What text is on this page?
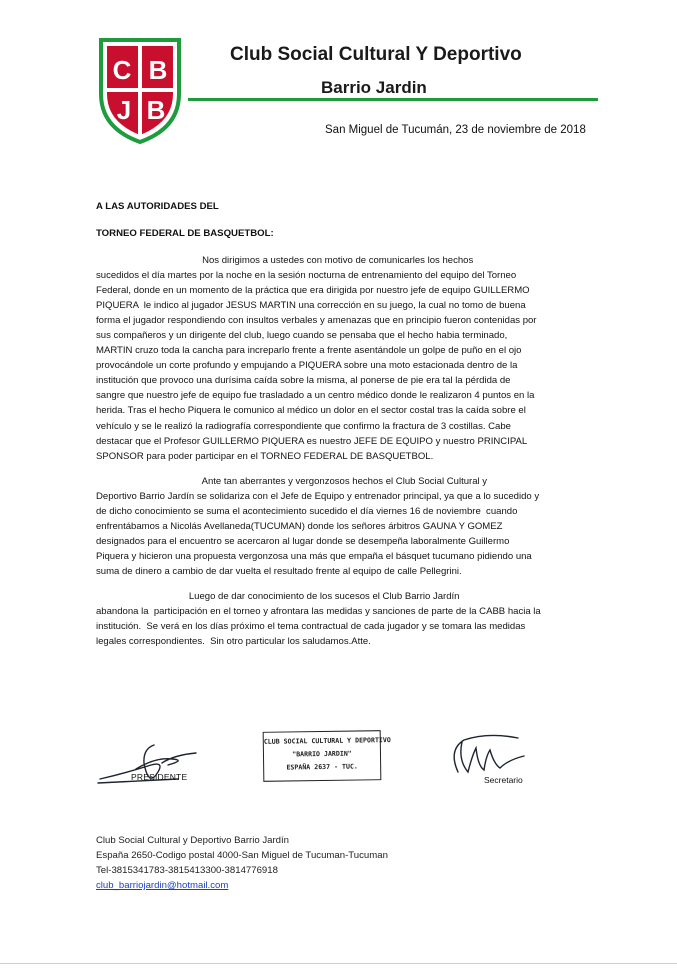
C B
J B
Club Social Cultural Y Deportivo
Barrio Jardin
San Miguel de Tucumán, 23 de noviembre de 2018
A LAS AUTORIDADES DEL
TORNEO FEDERAL DE BASQUETBOL:

Nos dirigimos a ustedes con motivo de comunicarles los hechos

sucedidos el día martes por la noche en la sesión nocturna de entrenamiento del equipo del Torneo

Federal, donde en un momento de la práctica que era dirigida por nuestro jefe de equipo GUILLERMO

PIQUERA  le indico al jugador JESUS MARTIN una corrección en su juego, la cual no tomo de buena

forma el jugador respondiendo con insultos verbales y amenazas que en principio fueron contenidas por

sus compañeros y un dirigente del club, luego cuando se pensaba que el hecho habia terminado,

MARTIN cruzo toda la cancha para increparlo frente a frente asentándole un golpe de puño en el ojo

provocándole un corte profundo y empujando a PIQUERA sobre una moto estacionada dentro de la

institución que provoco una durísima caída sobre la misma, al ponerse de pie era tal la pérdida de

sangre que nuestro jefe de equipo fue trasladado a un centro médico donde le realizaron 4 puntos en la

herida. Tras el hecho Piquera le comunico al médico un dolor en el sector costal tras la caída sobre el

vehículo y se le realizó la radiografía correspondiente que confirmo la fractura de 3 costillas. Cabe

destacar que el Profesor GUILLERMO PIQUERA es nuestro JEFE DE EQUIPO y nuestro PRINCIPAL

SPONSOR para poder participar en el TORNEO FEDERAL DE BASQUETBOL.

Ante tan aberrantes y vergonzosos hechos el Club Social Cultural y

Deportivo Barrio Jardín se solidariza con el Jefe de Equipo y entrenador principal, ya que a lo sucedido y

de dicho conocimiento se suma el acontecimiento sucedido el día viernes 16 de noviembre  cuando

enfrentábamos a Nicolás Avellaneda(TUCUMAN) donde los señores árbitros GAUNA Y GOMEZ

designados para el encuentro se acercaron al lugar donde se desempeña laboralmente Guillermo

Piquera y hicieron una propuesta vergonzosa una más que empaña el básquet tucumano pidiendo una

suma de dinero a cambio de dar vuelta el resultado frente al equipo de calle Pellegrini.

Luego de dar conocimiento de los sucesos el Club Barrio Jardín

abandona la  participación en el torneo y afrontara las medidas y sanciones de parte de la CABB hacia la

institución.  Se verá en los días próximo el tema contractual de cada jugador y se tomara las medidas

legales correspondientes.  Sin otro particular los saludamos.Atte.

PRESIDENTE
CLUB SOCIAL CULTURAL Y DEPORTIVO
"BARRIO JARDIN"
ESPAÑA 2637 - TUC.
Secretario
Club Social Cultural y Deportivo Barrio Jardín
España 2650-Codigo postal 4000-San Miguel de Tucuman-Tucuman
Tel-3815341783-3815413300-3814776918
club_barriojardin@hotmail.com
